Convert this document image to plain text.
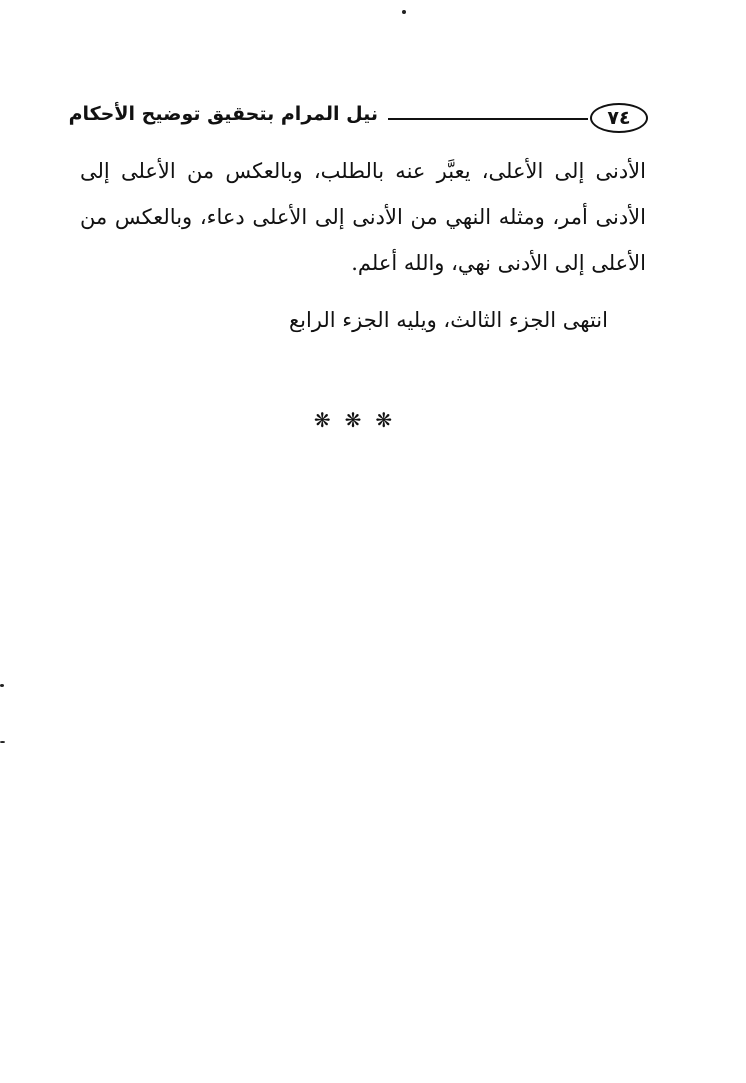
٧٤
نيل المرام بتحقيق توضيح الأحكام

الأدنى إلى الأعلى، يعبَّر عنه بالطلب، وبالعكس من الأعلى إلى الأدنى أمر، ومثله النهي من الأدنى إلى الأعلى دعاء، وبالعكس من الأعلى إلى الأدنى نهي، والله أعلم.

انتهى الجزء الثالث، ويليه الجزء الرابع
❋❋❋
